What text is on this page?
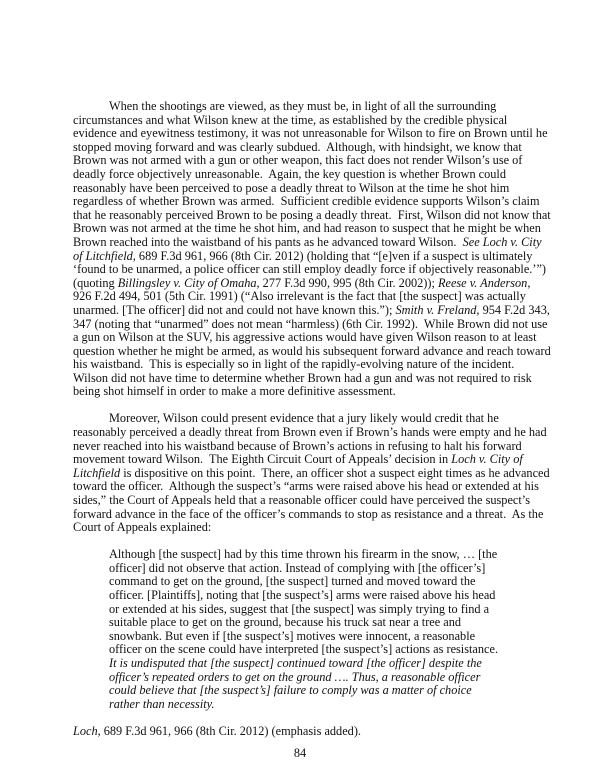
When the shootings are viewed, as they must be, in light of all the surrounding
circumstances and what Wilson knew at the time, as established by the credible physical
evidence and eyewitness testimony, it was not unreasonable for Wilson to fire on Brown until he
stopped moving forward and was clearly subdued.  Although, with hindsight, we know that
Brown was not armed with a gun or other weapon, this fact does not render Wilson’s use of
deadly force objectively unreasonable.  Again, the key question is whether Brown could
reasonably have been perceived to pose a deadly threat to Wilson at the time he shot him
regardless of whether Brown was armed.  Sufficient credible evidence supports Wilson’s claim
that he reasonably perceived Brown to be posing a deadly threat.  First, Wilson did not know that
Brown was not armed at the time he shot him, and had reason to suspect that he might be when
Brown reached into the waistband of his pants as he advanced toward Wilson.  See Loch v. City
of Litchfield, 689 F.3d 961, 966 (8th Cir. 2012) (holding that “[e]ven if a suspect is ultimately
‘found to be unarmed, a police officer can still employ deadly force if objectively reasonable.’”)
(quoting Billingsley v. City of Omaha, 277 F.3d 990, 995 (8th Cir. 2002)); Reese v. Anderson,
926 F.2d 494, 501 (5th Cir. 1991) (“Also irrelevant is the fact that [the suspect] was actually
unarmed. [The officer] did not and could not have known this.”); Smith v. Freland, 954 F.2d 343,
347 (noting that “unarmed” does not mean “harmless) (6th Cir. 1992).  While Brown did not use
a gun on Wilson at the SUV, his aggressive actions would have given Wilson reason to at least
question whether he might be armed, as would his subsequent forward advance and reach toward
his waistband.  This is especially so in light of the rapidly-evolving nature of the incident.
Wilson did not have time to determine whether Brown had a gun and was not required to risk
being shot himself in order to make a more definitive assessment.
Moreover, Wilson could present evidence that a jury likely would credit that he
reasonably perceived a deadly threat from Brown even if Brown’s hands were empty and he had
never reached into his waistband because of Brown’s actions in refusing to halt his forward
movement toward Wilson.  The Eighth Circuit Court of Appeals’ decision in Loch v. City of
Litchfield is dispositive on this point.  There, an officer shot a suspect eight times as he advanced
toward the officer.  Although the suspect’s “arms were raised above his head or extended at his
sides,” the Court of Appeals held that a reasonable officer could have perceived the suspect’s
forward advance in the face of the officer’s commands to stop as resistance and a threat.  As the
Court of Appeals explained:
Although [the suspect] had by this time thrown his firearm in the snow, … [the
officer] did not observe that action. Instead of complying with [the officer’s]
command to get on the ground, [the suspect] turned and moved toward the
officer. [Plaintiffs], noting that [the suspect’s] arms were raised above his head
or extended at his sides, suggest that [the suspect] was simply trying to find a
suitable place to get on the ground, because his truck sat near a tree and
snowbank. But even if [the suspect’s] motives were innocent, a reasonable
officer on the scene could have interpreted [the suspect’s] actions as resistance.
It is undisputed that [the suspect] continued toward [the officer] despite the
officer’s repeated orders to get on the ground …. Thus, a reasonable officer
could believe that [the suspect’s] failure to comply was a matter of choice
rather than necessity.
Loch, 689 F.3d 961, 966 (8th Cir. 2012) (emphasis added).
84
